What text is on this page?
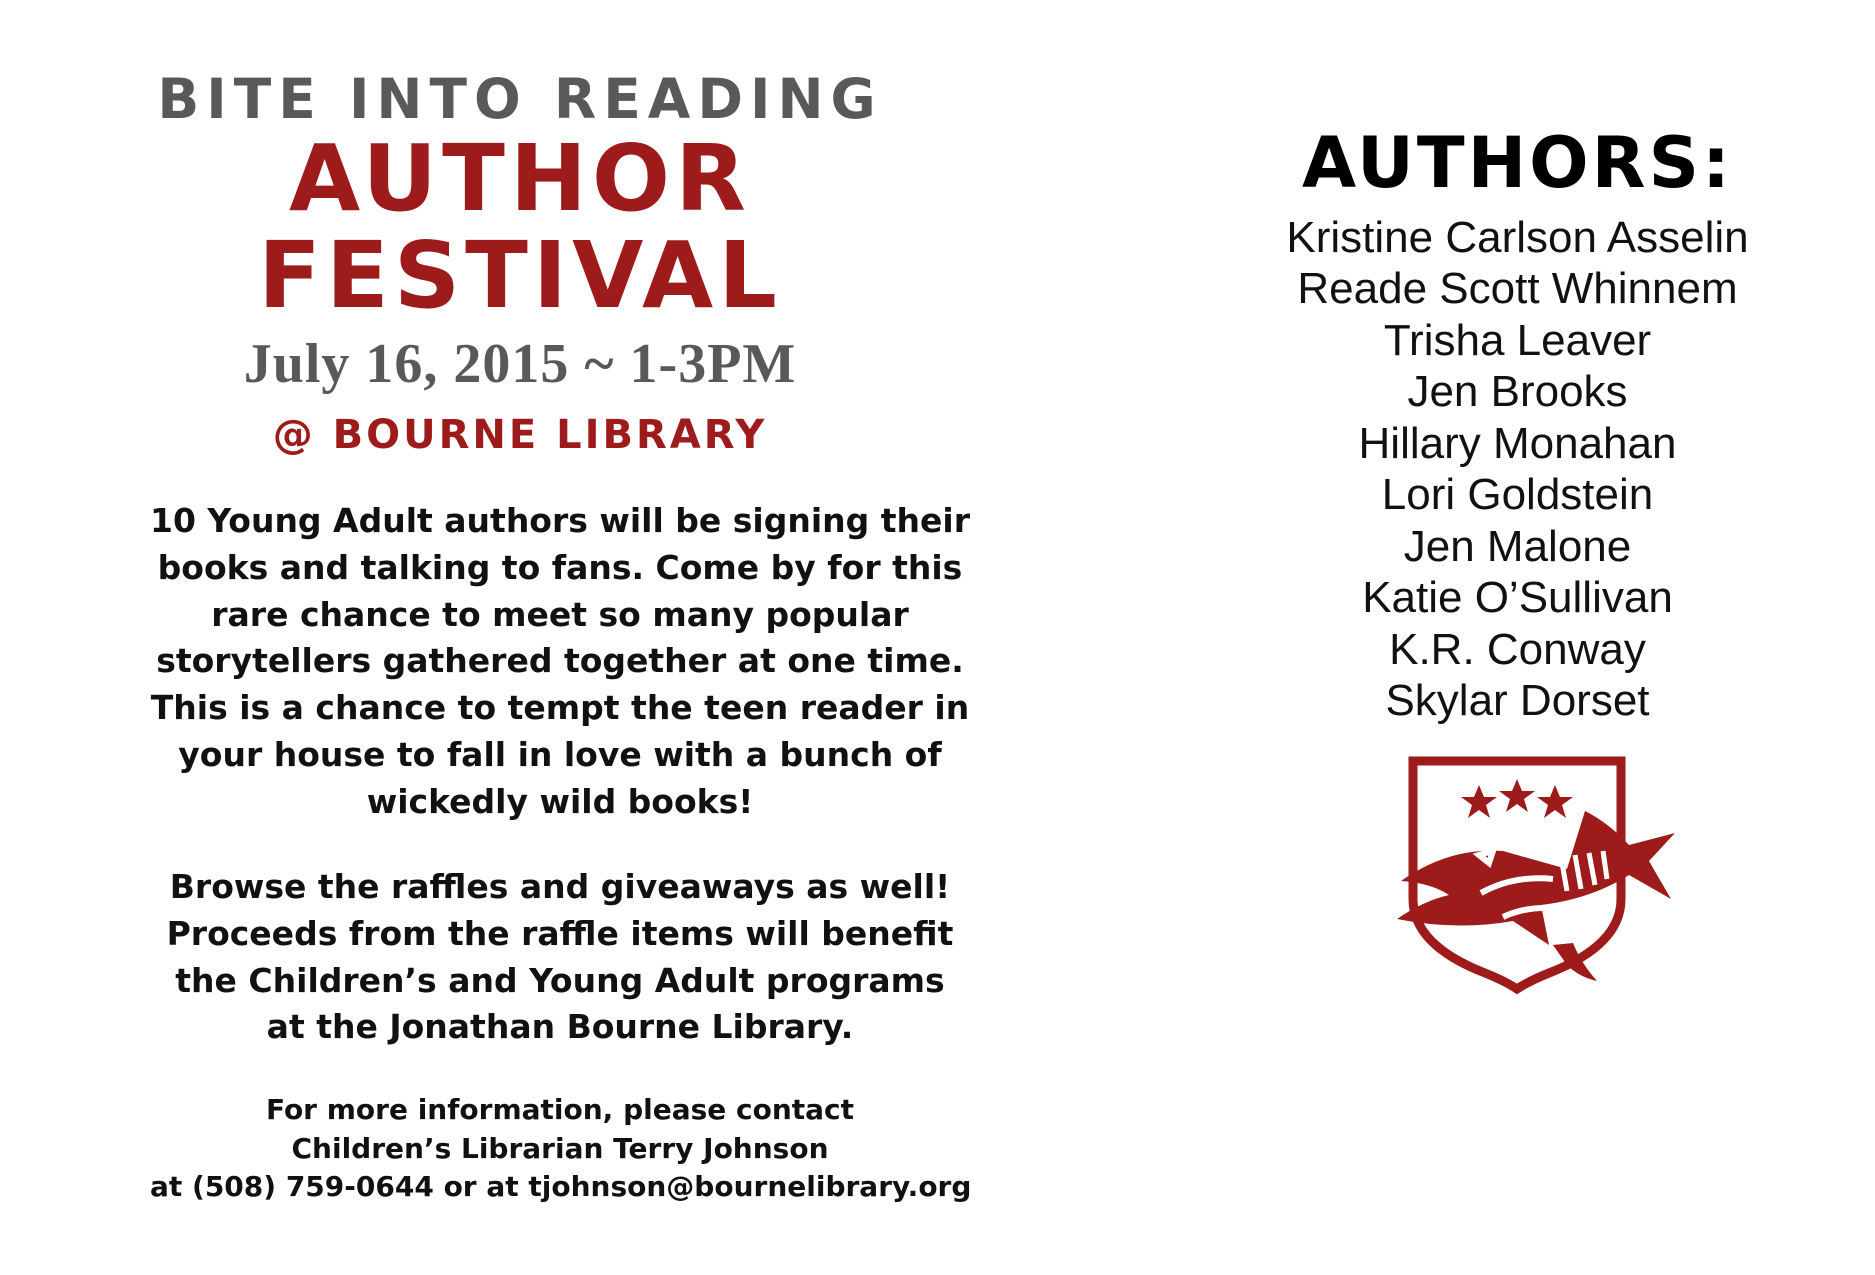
BITE INTO READING
AUTHOR FESTIVAL
July 16, 2015 ~ 1-3PM
@ BOURNE LIBRARY

10 Young Adult authors will be signing their books and talking to fans. Come by for this rare chance to meet so many popular storytellers gathered together at one time. This is a chance to tempt the teen reader in your house to fall in love with a bunch of wickedly wild books!

Browse the raffles and giveaways as well! Proceeds from the raffle items will benefit the Children’s and Young Adult programs at the Jonathan Bourne Library.

For more information, please contact
Children’s Librarian Terry Johnson
at (508) 759-0644 or at tjohnson@bournelibrary.org
AUTHORS:
Kristine Carlson Asselin
Reade Scott Whinnem
Trisha Leaver
Jen Brooks
Hillary Monahan
Lori Goldstein
Jen Malone
Katie O’Sullivan
K.R. Conway
Skylar Dorset
